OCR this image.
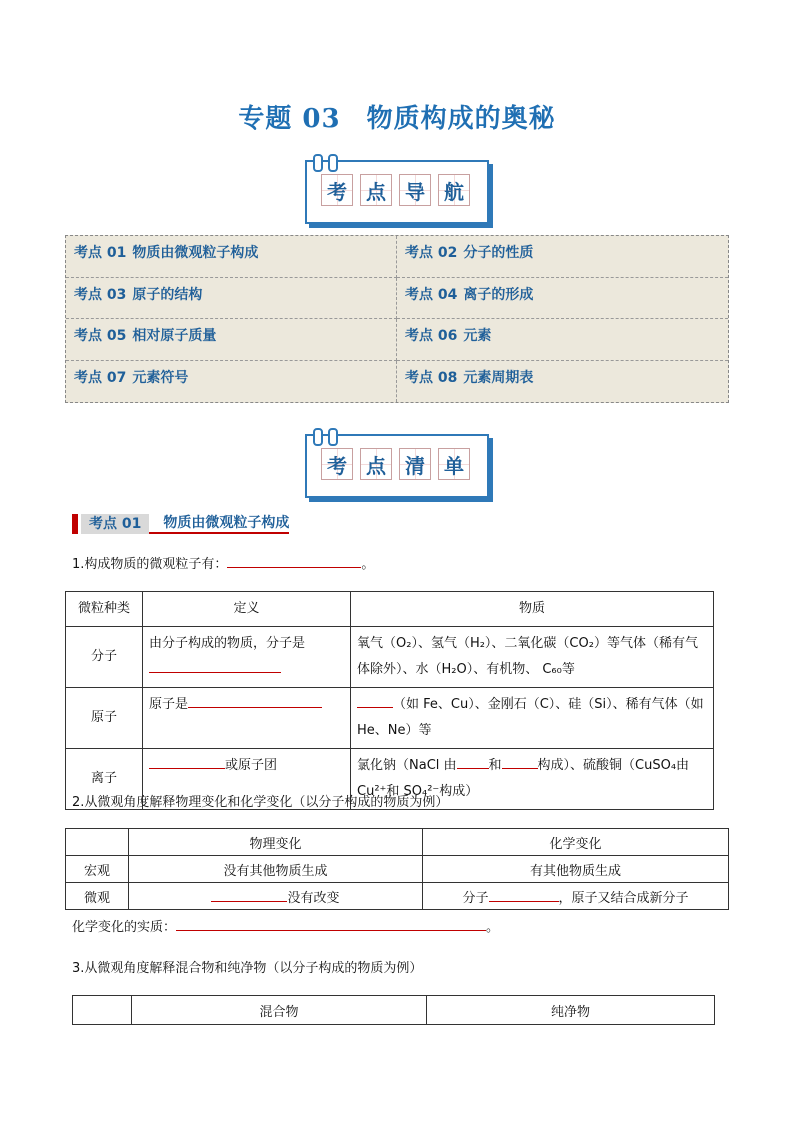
专题 03 物质构成的奥秘
考 点 导 航
考点 01 物质由微观粒子构成	考点 02 分子的性质
考点 03 原子的结构	考点 04 离子的形成
考点 05 相对原子质量	考点 06 元素
考点 07 元素符号	考点 08 元素周期表
考 点 清 单
考点 01	物质由微观粒子构成
1.构成物质的微观粒子有：	。
微粒种类	定义	物质
分子	由分子构成的物质，分子是	氧气（O₂）、氢气（H₂）、二氧化碳（CO₂）等气体（稀有气体除外）、水（H₂O）、有机物、 C₆₀等
原子	原子是	（如 Fe、Cu）、金刚石（C）、硅（Si）、稀有气体（如 He、Ne）等
离子	或原子团	氯化钠（NaCl 由 和 构成）、硫酸铜（CuSO₄由 Cu²⁺和 SO₄²⁻构成）
2.从微观角度解释物理变化和化学变化（以分子构成的物质为例）
	物理变化	化学变化
宏观	没有其他物质生成	有其他物质生成
微观	没有改变	分子 ，原子又结合成新分子
化学变化的实质：	。
3.从微观角度解释混合物和纯净物（以分子构成的物质为例）
	混合物	纯净物
